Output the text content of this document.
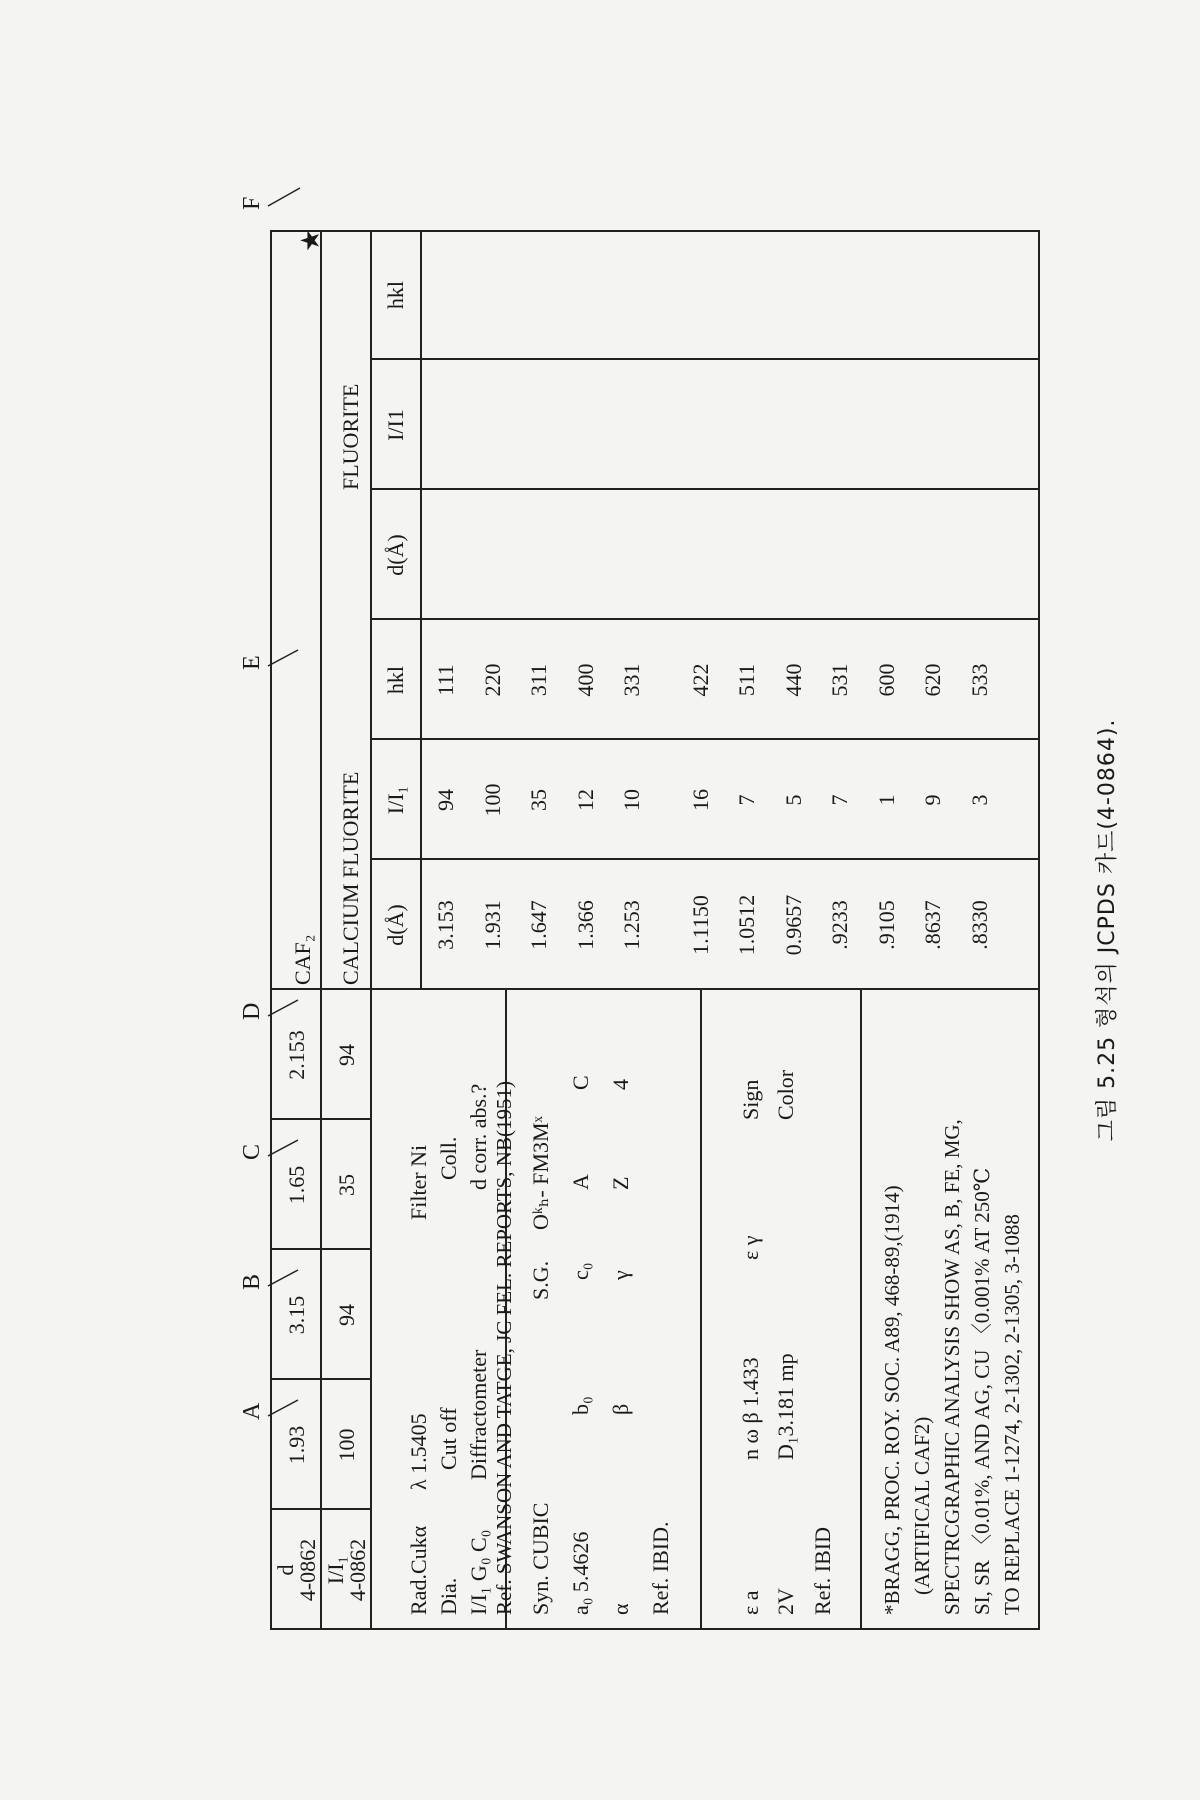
A
B
C
D
E
F
d
4-0862 I/I₁
4-0862
1.93
3.15
1.65
2.153
100
94
35
94
CAF₂ CALCIUM FLUORITE
FLUORITE
★
d(Å)
I/I₁
hkl
d(Å)
I/I1
hkl
3.153
94
111
1.931
100
220
1.647
35
311
1.366
12
400
1.253
10
331
1.1150
16
422
1.0512
7
511
0.9657
5
440
.9233
7
531
.9105
1
600
.8637
9
620
.8330
3
533
Rad.Cukα
λ 1.5405
Filter Ni
Dia.
Cut off
Coll.
I/I₁ G₀ C₀
Diffractometer
d corr. abs.? Ref. SWANSON AND TATGE, JC FEL. REPORTS, NB(1951) Syn. CUBIC
S.G.
Oᵏₕ- FM3Mˣ
a₀ 5.4626
b₀
c₀
A
C
α
β
γ
Z
4
Ref. IBID.	ε a
n ω β 1.433
ε γ
Sign
2V
D₁3.181 mp
Color
Ref. IBID *BRAGG, PROC. ROY. SOC. A89, 468-89,(1914) (ARTIFICAL CAF2) SPECTRCGRAPHIC ANALYSIS SHOW AS, B, FE, MG, SI, SR 〈0.01%, AND AG, CU 〈0.001% AT 250℃ TO REPLACE 1-1274, 2-1302, 2-1305, 3-1088
그림 5.25 형석의 JCPDS 카드(4-0864).
